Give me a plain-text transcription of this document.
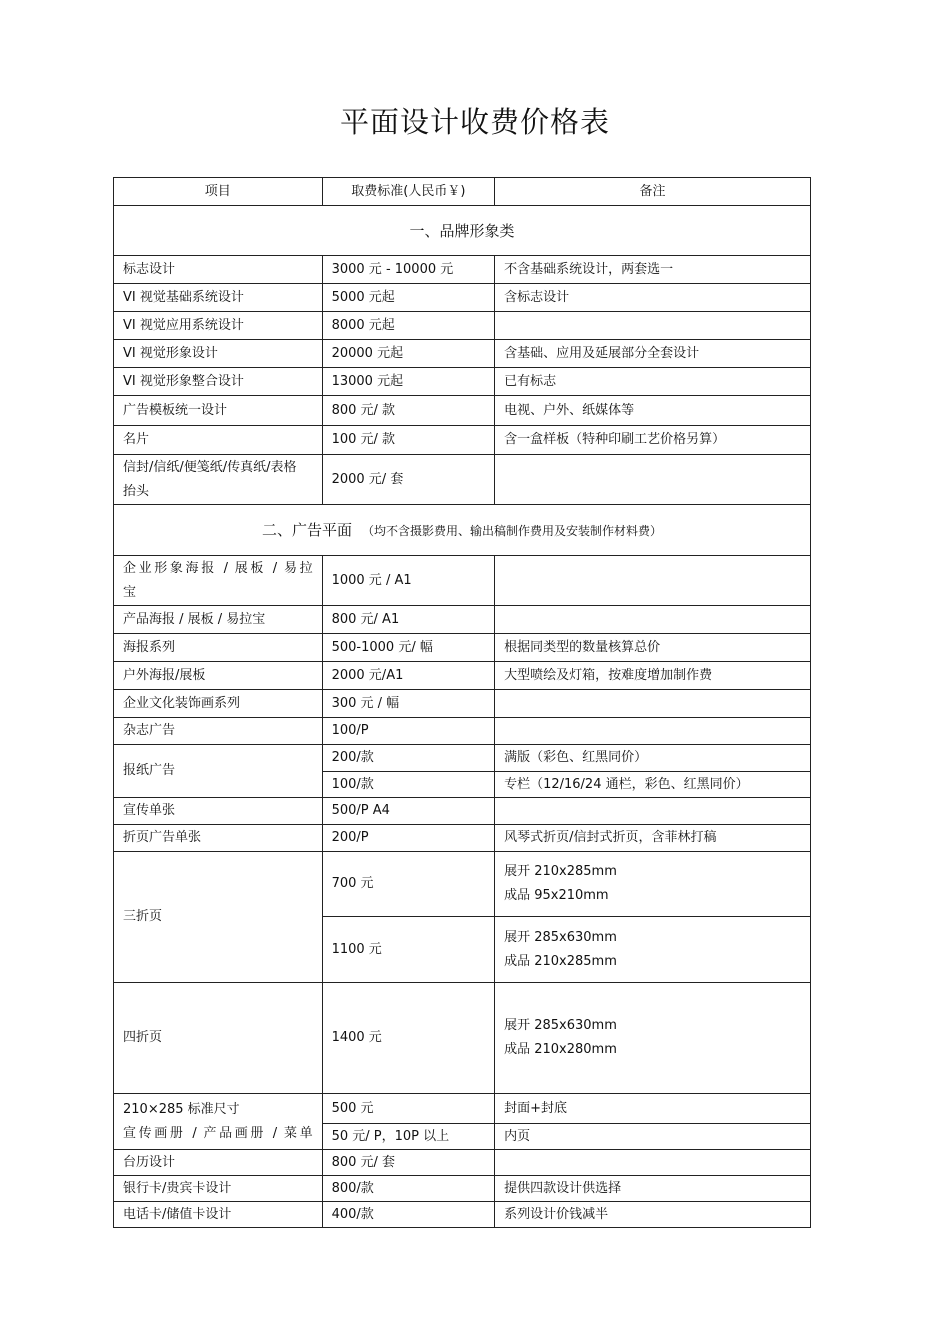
平面设计收费价格表
项目	取费标准(人民币￥)	备注
一、品牌形象类		
标志设计	3000 元 - 10000 元	不含基础系统设计，两套选一
VI 视觉基础系统设计	5000 元起	含标志设计
VI 视觉应用系统设计	8000 元起	
VI 视觉形象设计	20000 元起	含基础、应用及延展部分全套设计
VI 视觉形象整合设计	13000 元起	已有标志
广告模板统一设计	800 元/ 款	电视、户外、纸媒体等
名片	100 元/ 款	含一盒样板（特种印刷工艺价格另算）

信封/信纸/便笺纸/传真纸/表格
抬头	2000 元/ 套	
二、广告平面 （均不含摄影费用、输出稿制作费用及安装制作材料费）		

企业形象海报 / 展板 / 易拉
宝	1000 元 / A1	
产品海报 / 展板 / 易拉宝	800 元/ A1	
海报系列	500-1000 元/ 幅	根据同类型的数量核算总价
户外海报/展板	2000 元/A1	大型喷绘及灯箱，按难度增加制作费
企业文化装饰画系列	300 元 / 幅	
杂志广告	100/P	
报纸广告	200/款	满版（彩色、红黑同价）
	100/款	专栏（12/16/24 通栏，彩色、红黑同价）
宣传单张	500/P A4	
折页广告单张	200/P	风琴式折页/信封式折页，含菲林打稿
三折页	700 元	展开 210x285mm
成品 95x210mm

	1100 元	展开 285x630mm
成品 210x285mm

四折页	1400 元	展开 285x630mm
成品 210x280mm

210×285 标准尺寸
宣传画册 / 产品画册 / 菜单	500 元	封面+封底
	50 元/ P，10P 以上	内页
台历设计	800 元/ 套	
银行卡/贵宾卡设计	800/款	提供四款设计供选择
电话卡/储值卡设计	400/款	系列设计价钱减半
